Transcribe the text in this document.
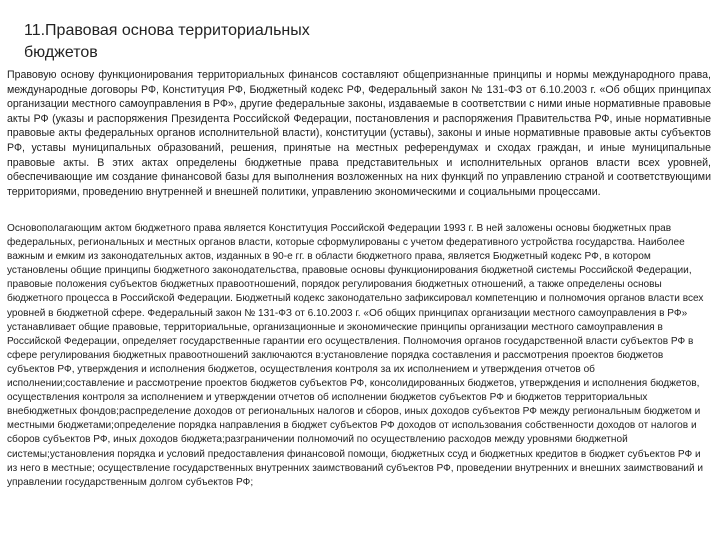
11.Правовая основа территориальных
бюджетов

Правовую основу функционирования территориальных финансов составляют общепризнанные принципы и нормы международного права, международные договоры РФ, Конституция РФ, Бюджетный кодекс РФ, Федеральный закон № 131-ФЗ от 6.10.2003 г. «Об общих принципах организации местного самоуправления в РФ», другие федеральные законы, издаваемые в соответствии с ними иные нормативные правовые акты РФ (указы и распоряжения Президента Российской Федерации, постановления и распоряжения Правительства РФ, иные нормативные правовые акты федеральных органов исполнительной власти), конституции (уставы), законы и иные нормативные правовые акты субъектов РФ, уставы муниципальных образований, решения, принятые на местных референдумах и сходах граждан, и иные муниципальные правовые акты. В этих актах определены бюджетные права представительных и исполнительных органов власти всех уровней, обеспечивающие им создание финансовой базы для выполнения возложенных на них функций по управлению страной и соответствующими территориями, проведению внутренней и внешней политики, управлению экономическими и социальными процессами.

Основополагающим актом бюджетного права является Конституция Российской Федерации 1993 г. В ней заложены основы бюджетных прав федеральных, региональных и местных органов власти, которые сформулированы с учетом федеративного устройства государства. Наиболее важным и емким из законодательных актов, изданных в 90-е гг. в области бюджетного права, является Бюджетный кодекс РФ, в котором установлены общие принципы бюджетного законодательства, правовые основы функционирования бюджетной системы Российской Федерации, правовые положения субъектов бюджетных правоотношений, порядок регулирования бюджетных отношений, а также определены основы бюджетного процесса в Российской Федерации. Бюджетный кодекс законодательно зафиксировал компетенцию и полномочия органов власти всех уровней в бюджетной сфере. Федеральный закон № 131-ФЗ от 6.10.2003 г. «Об общих принципах организации местного самоуправления в РФ» устанавливает общие правовые, территориальные, организационные и экономические принципы организации местного самоуправления в Российской Федерации, определяет государственные гарантии его осуществления. Полномочия органов государственной власти субъектов РФ в сфере регулирования бюджетных правоотношений заключаются в:установление порядка составления и рассмотрения проектов бюджетов субъектов РФ, утверждения и исполнения бюджетов, осуществления контроля за их исполнением и утверждения отчетов об исполнении;составление и рассмотрение проектов бюджетов субъектов РФ, консолидированных бюджетов, утверждения и исполнения бюджетов, осуществления контроля за исполнением и утверждении отчетов об исполнении бюджетов субъектов РФ и бюджетов территориальных внебюджетных фондов;распределение доходов от региональных налогов и сборов, иных доходов субъектов РФ между региональным бюджетом и местными бюджетами;определение порядка направления в бюджет субъектов РФ доходов от использования собственности доходов от налогов и сборов субъектов РФ, иных доходов бюджета;разграничении полномочий по осуществлению расходов между уровнями бюджетной системы;установления порядка и условий предоставления финансовой помощи, бюджетных ссуд и бюджетных кредитов в бюджет субъектов РФ и из него в местные; осуществление государственных внутренних заимствований субъектов РФ, проведении внутренних и внешних заимствований и управлении государственным долгом субъектов РФ;
